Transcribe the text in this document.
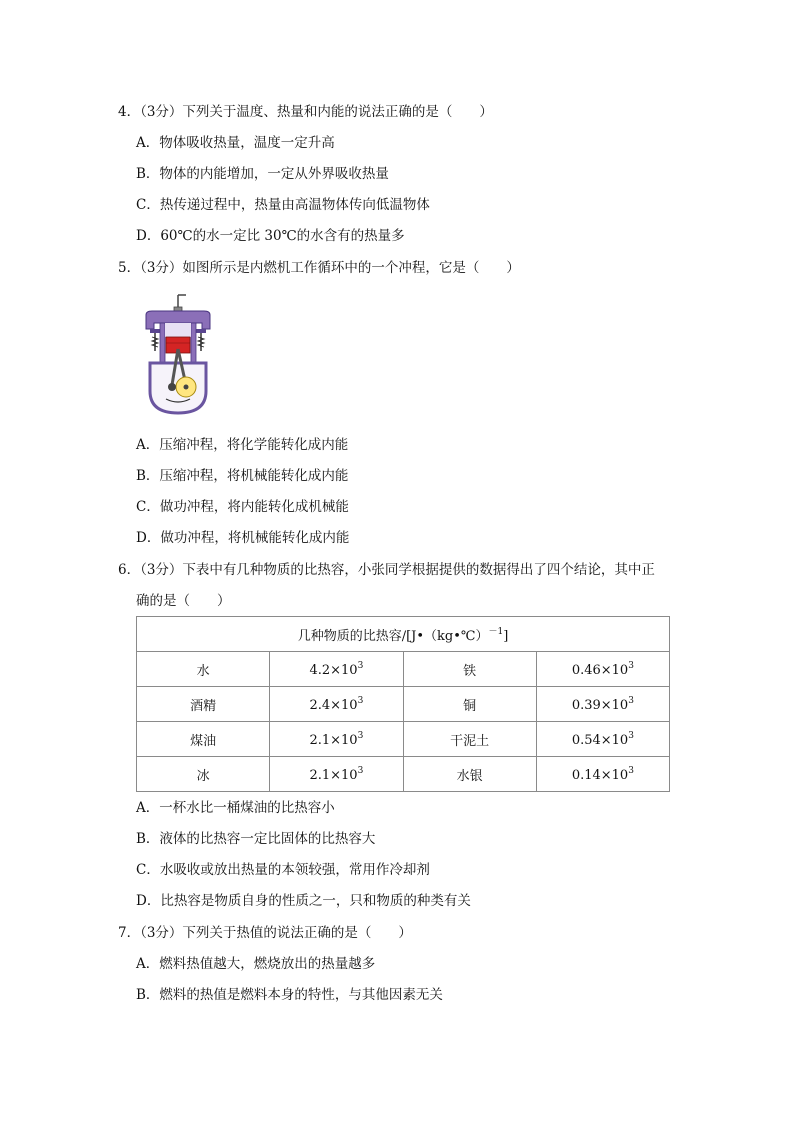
4．（3分）下列关于温度、热量和内能的说法正确的是（　　）
A．物体吸收热量，温度一定升高
B．物体的内能增加，一定从外界吸收热量
C．热传递过程中，热量由高温物体传向低温物体
D．60℃的水一定比 30℃的水含有的热量多
5．（3分）如图所示是内燃机工作循环中的一个冲程，它是（　　）
A．压缩冲程，将化学能转化成内能
B．压缩冲程，将机械能转化成内能
C．做功冲程，将内能转化成机械能
D．做功冲程，将机械能转化成内能
6．（3分）下表中有几种物质的比热容，小张同学根据提供的数据得出了四个结论，其中正
确的是（　　）
几种物质的比热容/[J•（kg•℃）$^{-1}$]			
水	$4.2\times 10^3$	铁	$0.46\times 10^3$
酒精	$2.4\times 10^3$	铜	$0.39\times 10^3$
煤油	$2.1\times 10^3$	干泥土	$0.54\times 10^3$
冰	$2.1\times 10^3$	水银	$0.14\times 10^3$
A．一杯水比一桶煤油的比热容小
B．液体的比热容一定比固体的比热容大
C．水吸收或放出热量的本领较强，常用作冷却剂
D．比热容是物质自身的性质之一，只和物质的种类有关
7．（3分）下列关于热值的说法正确的是（　　）
A．燃料热值越大，燃烧放出的热量越多
B．燃料的热值是燃料本身的特性，与其他因素无关
